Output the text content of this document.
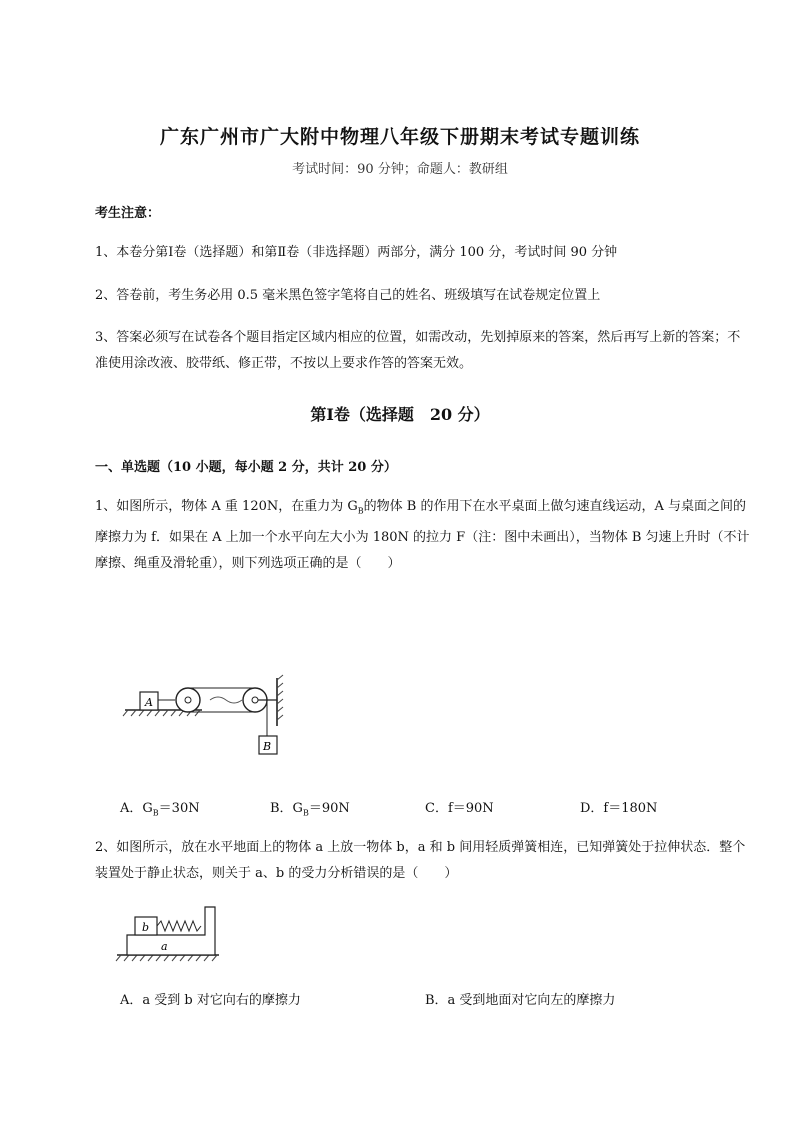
广东广州市广大附中物理八年级下册期末考试专题训练
考试时间：90 分钟；命题人：教研组
考生注意：
1、本卷分第Ⅰ卷（选择题）和第Ⅱ卷（非选择题）两部分，满分 100 分，考试时间 90 分钟
2、答卷前，考生务必用 0.5 毫米黑色签字笔将自己的姓名、班级填写在试卷规定位置上
3、答案必须写在试卷各个题目指定区域内相应的位置，如需改动，先划掉原来的答案，然后再写上新的答案；不准使用涂改液、胶带纸、修正带，不按以上要求作答的答案无效。
第Ⅰ卷（选择题　20 分）
一、单选题（10 小题，每小题 2 分，共计 20 分）
1、如图所示，物体 A 重 120N，在重力为 $G_B$的物体 B 的作用下在水平桌面上做匀速直线运动，A 与桌面之间的摩擦力为 f．如果在 A 上加一个水平向左大小为 180N 的拉力 F（注：图中未画出），当物体 B 匀速上升时（不计摩擦、绳重及滑轮重），则下列选项正确的是（　　）
A
B
A．$G_B=30N$	B．$G_B=90N$	C．f＝90N	D．f＝180N
2、如图所示，放在水平地面上的物体 a 上放一物体 b，a 和 b 间用轻质弹簧相连，已知弹簧处于拉伸状态．整个装置处于静止状态，则关于 a、b 的受力分析错误的是（　　）
a
b
A．a 受到 b 对它向右的摩擦力	B．a 受到地面对它向左的摩擦力
